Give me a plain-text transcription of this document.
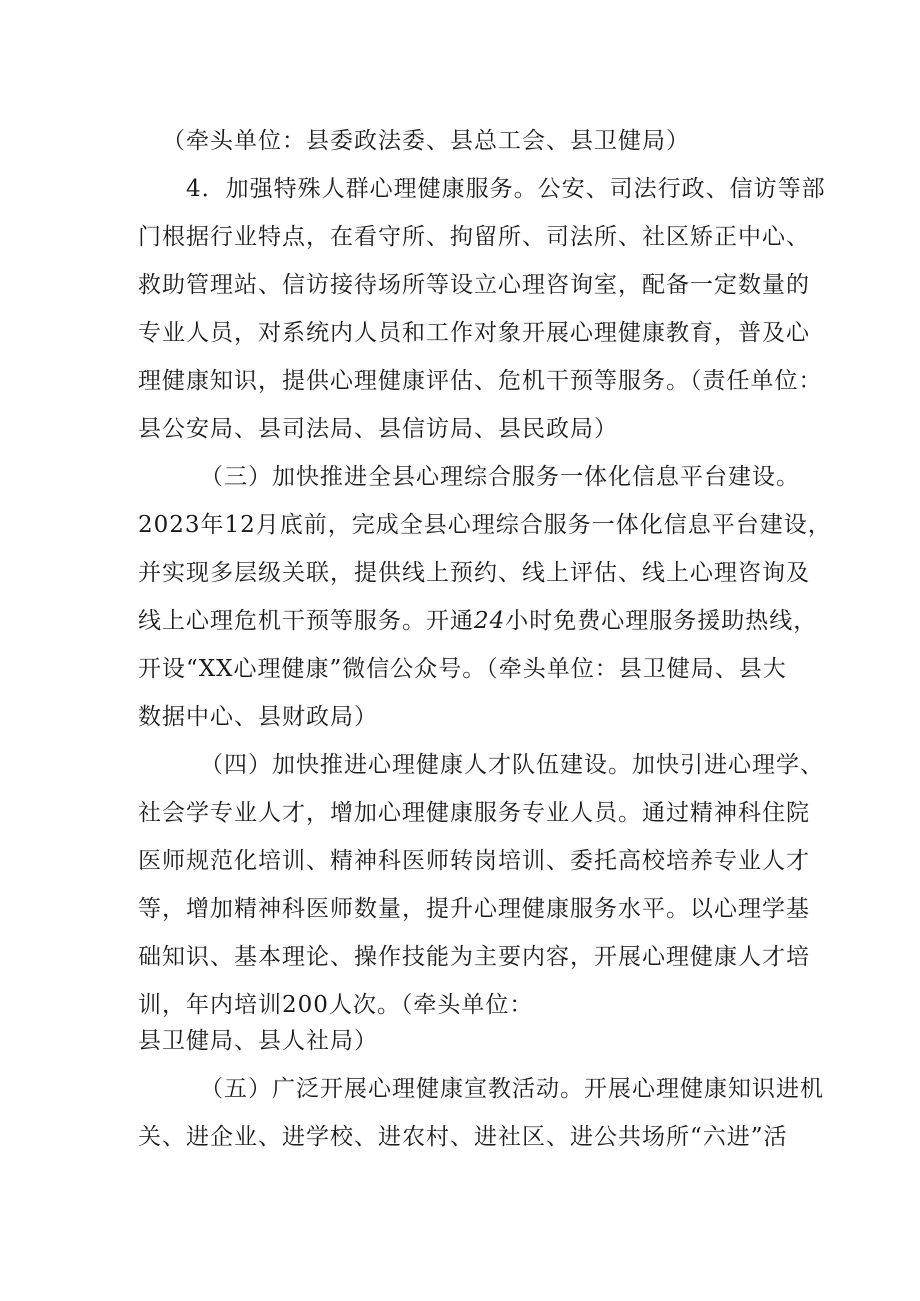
（牵头单位：县委政法委、县总工会、县卫健局）
4．加强特殊人群心理健康服务。公安、司法行政、信访等部
门根据行业特点，在看守所、拘留所、司法所、社区矫正中心、
救助管理站、信访接待场所等设立心理咨询室，配备一定数量的
专业人员，对系统内人员和工作对象开展心理健康教育，普及心
理健康知识，提供心理健康评估、危机干预等服务。（责任单位：
县公安局、县司法局、县信访局、县民政局）
（三）加快推进全县心理综合服务一体化信息平台建设。
2023年12月底前，完成全县心理综合服务一体化信息平台建设，
并实现多层级关联，提供线上预约、线上评估、线上心理咨询及
线上心理危机干预等服务。开通24小时免费心理服务援助热线，
开设“XX心理健康”微信公众号。（牵头单位：县卫健局、县大
数据中心、县财政局）
（四）加快推进心理健康人才队伍建设。加快引进心理学、
社会学专业人才，增加心理健康服务专业人员。通过精神科住院
医师规范化培训、精神科医师转岗培训、委托高校培养专业人才
等，增加精神科医师数量，提升心理健康服务水平。以心理学基
础知识、基本理论、操作技能为主要内容，开展心理健康人才培
训，年内培训200人次。（牵头单位：
县卫健局、县人社局）
（五）广泛开展心理健康宣教活动。开展心理健康知识进机
关、进企业、进学校、进农村、进社区、进公共场所“六进”活
